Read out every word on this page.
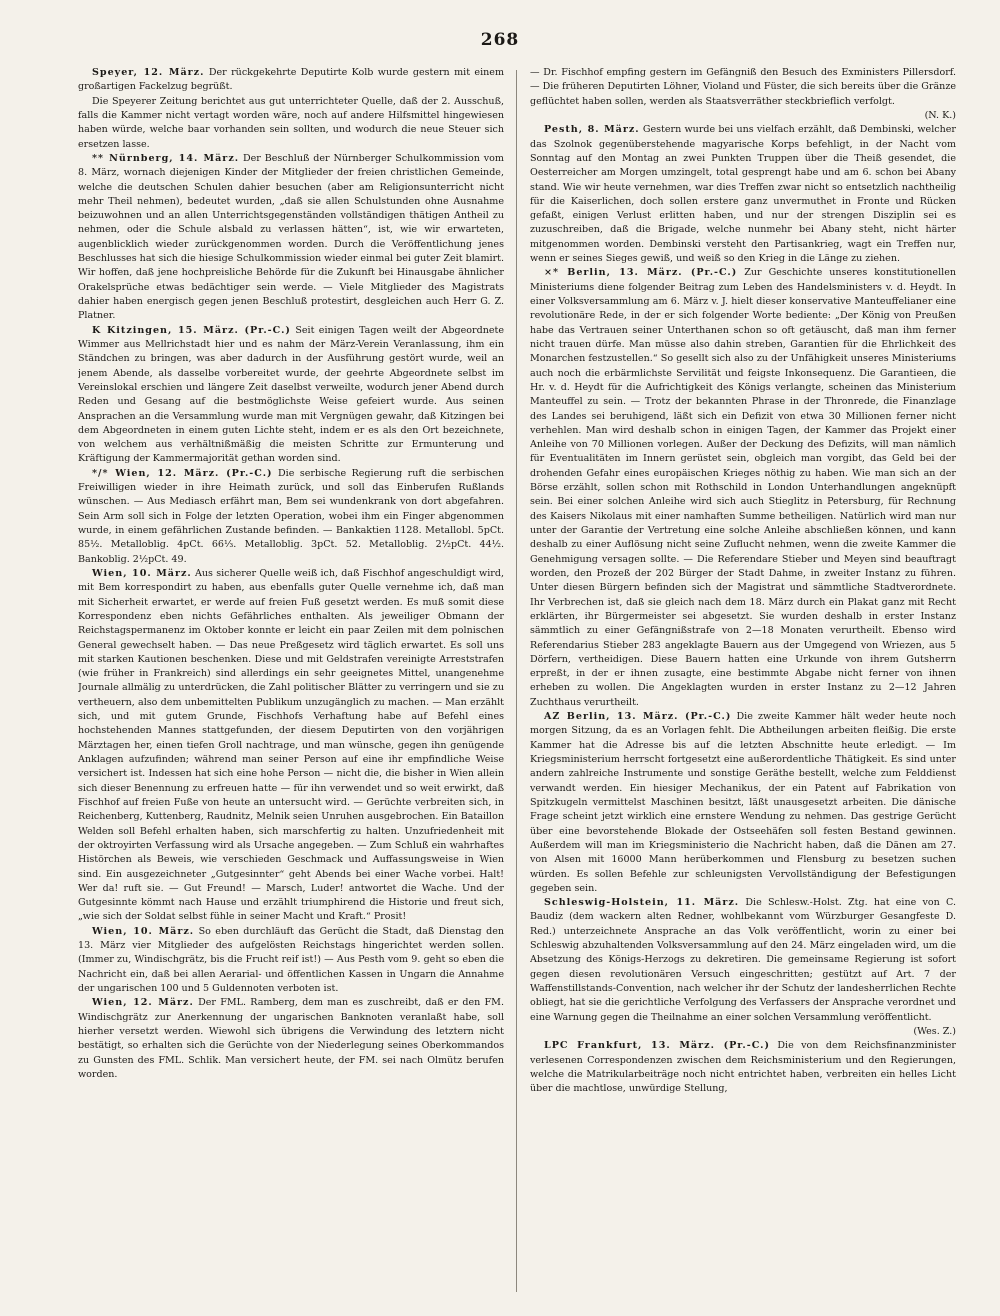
268

Speyer, 12. März. Der rückgekehrte Deputirte Kolb wurde gestern mit einem großartigen Fackelzug begrüßt.

Die Speyerer Zeitung berichtet aus gut unterrichteter Quelle, daß der 2. Ausschuß, falls die Kammer nicht vertagt worden wäre, noch auf andere Hilfsmittel hingewiesen haben würde, welche baar vorhanden sein sollten, und wodurch die neue Steuer sich ersetzen lasse.

** Nürnberg, 14. März. Der Beschluß der Nürnberger Schulkommission vom 8. März, wornach diejenigen Kinder der Mitglieder der freien christlichen Gemeinde, welche die deutschen Schulen dahier besuchen (aber am Religionsunterricht nicht mehr Theil nehmen), bedeutet wurden, „daß sie allen Schulstunden ohne Ausnahme beizuwohnen und an allen Unterrichtsgegenständen vollständigen thätigen Antheil zu nehmen, oder die Schule alsbald zu verlassen hätten“, ist, wie wir erwarteten, augenblicklich wieder zurückgenommen worden. Durch die Veröffentlichung jenes Beschlusses hat sich die hiesige Schulkommission wieder einmal bei guter Zeit blamirt. Wir hoffen, daß jene hochpreisliche Behörde für die Zukunft bei Hinausgabe ähnlicher Orakelsprüche etwas bedächtiger sein werde. — Viele Mitglieder des Magistrats dahier haben energisch gegen jenen Beschluß protestirt, desgleichen auch Herr G. Z. Platner.

K Kitzingen, 15. März. (Pr.-C.) Seit einigen Tagen weilt der Abgeordnete Wimmer aus Mellrichstadt hier und es nahm der März-Verein Veranlassung, ihm ein Ständchen zu bringen, was aber dadurch in der Ausführung gestört wurde, weil an jenem Abende, als dasselbe vorbereitet wurde, der geehrte Abgeordnete selbst im Vereinslokal erschien und längere Zeit daselbst verweilte, wodurch jener Abend durch Reden und Gesang auf die bestmöglichste Weise gefeiert wurde. Aus seinen Ansprachen an die Versammlung wurde man mit Vergnügen gewahr, daß Kitzingen bei dem Abgeordneten in einem guten Lichte steht, indem er es als den Ort bezeichnete, von welchem aus verhältnißmäßig die meisten Schritte zur Ermunterung und Kräftigung der Kammermajorität gethan worden sind.

*/* Wien, 12. März. (Pr.-C.) Die serbische Regierung ruft die serbischen Freiwilligen wieder in ihre Heimath zurück, und soll das Einberufen Rußlands wünschen. — Aus Mediasch erfährt man, Bem sei wundenkrank von dort abgefahren. Sein Arm soll sich in Folge der letzten Operation, wobei ihm ein Finger abgenommen wurde, in einem gefährlichen Zustande befinden. — Bankaktien 1128. Metallobl. 5pCt. 85½. Metalloblig. 4pCt. 66⅓. Metalloblig. 3pCt. 52. Metalloblig. 2½pCt. 44½. Bankoblig. 2½pCt. 49.

Wien, 10. März. Aus sicherer Quelle weiß ich, daß Fischhof angeschuldigt wird, mit Bem korrespondirt zu haben, aus ebenfalls guter Quelle vernehme ich, daß man mit Sicherheit erwartet, er werde auf freien Fuß gesetzt werden. Es muß somit diese Korrespondenz eben nichts Gefährliches enthalten. Als jeweiliger Obmann der Reichstagspermanenz im Oktober konnte er leicht ein paar Zeilen mit dem polnischen General gewechselt haben. — Das neue Preßgesetz wird täglich erwartet. Es soll uns mit starken Kautionen beschenken. Diese und mit Geldstrafen vereinigte Arreststrafen (wie früher in Frankreich) sind allerdings ein sehr geeignetes Mittel, unangenehme Journale allmälig zu unterdrücken, die Zahl politischer Blätter zu verringern und sie zu vertheuern, also dem unbemittelten Publikum unzugänglich zu machen. — Man erzählt sich, und mit gutem Grunde, Fischhofs Verhaftung habe auf Befehl eines hochstehenden Mannes stattgefunden, der diesem Deputirten von den vorjährigen Märztagen her, einen tiefen Groll nachtrage, und man wünsche, gegen ihn genügende Anklagen aufzufinden; während man seiner Person auf eine ihr empfindliche Weise versichert ist. Indessen hat sich eine hohe Person — nicht die, die bisher in Wien allein sich dieser Benennung zu erfreuen hatte — für ihn verwendet und so weit erwirkt, daß Fischhof auf freien Fuße von heute an untersucht wird. — Gerüchte verbreiten sich, in Reichenberg, Kuttenberg, Raudnitz, Melnik seien Unruhen ausgebrochen. Ein Bataillon Welden soll Befehl erhalten haben, sich marschfertig zu halten. Unzufriedenheit mit der oktroyirten Verfassung wird als Ursache angegeben. — Zum Schluß ein wahrhaftes Histörchen als Beweis, wie verschieden Geschmack und Auffassungsweise in Wien sind. Ein ausgezeichneter „Gutgesinnter“ geht Abends bei einer Wache vorbei. Halt! Wer da! ruft sie. — Gut Freund! — Marsch, Luder! antwortet die Wache. Und der Gutgesinnte kömmt nach Hause und erzählt triumphirend die Historie und freut sich, „wie sich der Soldat selbst fühle in seiner Macht und Kraft.“ Prosit!

Wien, 10. März. So eben durchläuft das Gerücht die Stadt, daß Dienstag den 13. März vier Mitglieder des aufgelösten Reichstags hingerichtet werden sollen. (Immer zu, Windischgrätz, bis die Frucht reif ist!) — Aus Pesth vom 9. geht so eben die Nachricht ein, daß bei allen Aerarial- und öffentlichen Kassen in Ungarn die Annahme der ungarischen 100 und 5 Guldennoten verboten ist.

Wien, 12. März. Der FML. Ramberg, dem man es zuschreibt, daß er den FM. Windischgrätz zur Anerkennung der ungarischen Banknoten veranlaßt habe, soll hierher versetzt werden. Wiewohl sich übrigens die Verwindung des letztern nicht bestätigt, so erhalten sich die Gerüchte von der Niederlegung seines Oberkommandos zu Gunsten des FML. Schlik. Man versichert heute, der FM. sei nach Olmütz berufen worden.

— Dr. Fischhof empfing gestern im Gefängniß den Besuch des Exministers Pillersdorf. — Die früheren Deputirten Löhner, Violand und Füster, die sich bereits über die Gränze geflüchtet haben sollen, werden als Staatsverräther steckbrieflich verfolgt.

(N. K.)

Pesth, 8. März. Gestern wurde bei uns vielfach erzählt, daß Dembinski, welcher das Szolnok gegenüberstehende magyarische Korps befehligt, in der Nacht vom Sonntag auf den Montag an zwei Punkten Truppen über die Theiß gesendet, die Oesterreicher am Morgen umzingelt, total gesprengt habe und am 6. schon bei Abany stand. Wie wir heute vernehmen, war dies Treffen zwar nicht so entsetzlich nachtheilig für die Kaiserlichen, doch sollen erstere ganz unvermuthet in Fronte und Rücken gefaßt, einigen Verlust erlitten haben, und nur der strengen Disziplin sei es zuzuschreiben, daß die Brigade, welche nunmehr bei Abany steht, nicht härter mitgenommen worden. Dembinski versteht den Partisankrieg, wagt ein Treffen nur, wenn er seines Sieges gewiß, und weiß so den Krieg in die Länge zu ziehen.

×* Berlin, 13. März. (Pr.-C.) Zur Geschichte unseres konstitutionellen Ministeriums diene folgender Beitrag zum Leben des Handelsministers v. d. Heydt. In einer Volksversammlung am 6. März v. J. hielt dieser konservative Manteuffelianer eine revolutionäre Rede, in der er sich folgender Worte bediente: „Der König von Preußen habe das Vertrauen seiner Unterthanen schon so oft getäuscht, daß man ihm ferner nicht trauen dürfe. Man müsse also dahin streben, Garantien für die Ehrlichkeit des Monarchen festzustellen.“ So gesellt sich also zu der Unfähigkeit unseres Ministeriums auch noch die erbärmlichste Servilität und feigste Inkonsequenz. Die Garantieen, die Hr. v. d. Heydt für die Aufrichtigkeit des Königs verlangte, scheinen das Ministerium Manteuffel zu sein. — Trotz der bekannten Phrase in der Thronrede, die Finanzlage des Landes sei beruhigend, läßt sich ein Defizit von etwa 30 Millionen ferner nicht verhehlen. Man wird deshalb schon in einigen Tagen, der Kammer das Projekt einer Anleihe von 70 Millionen vorlegen. Außer der Deckung des Defizits, will man nämlich für Eventualitäten im Innern gerüstet sein, obgleich man vorgibt, das Geld bei der drohenden Gefahr eines europäischen Krieges nöthig zu haben. Wie man sich an der Börse erzählt, sollen schon mit Rothschild in London Unterhandlungen angeknüpft sein. Bei einer solchen Anleihe wird sich auch Stieglitz in Petersburg, für Rechnung des Kaisers Nikolaus mit einer namhaften Summe betheiligen. Natürlich wird man nur unter der Garantie der Vertretung eine solche Anleihe abschließen können, und kann deshalb zu einer Auflösung nicht seine Zuflucht nehmen, wenn die zweite Kammer die Genehmigung versagen sollte. — Die Referendare Stieber und Meyen sind beauftragt worden, den Prozeß der 202 Bürger der Stadt Dahme, in zweiter Instanz zu führen. Unter diesen Bürgern befinden sich der Magistrat und sämmtliche Stadtverordnete. Ihr Verbrechen ist, daß sie gleich nach dem 18. März durch ein Plakat ganz mit Recht erklärten, ihr Bürgermeister sei abgesetzt. Sie wurden deshalb in erster Instanz sämmtlich zu einer Gefängnißstrafe von 2—18 Monaten verurtheilt. Ebenso wird Referendarius Stieber 283 angeklagte Bauern aus der Umgegend von Wriezen, aus 5 Dörfern, vertheidigen. Diese Bauern hatten eine Urkunde von ihrem Gutsherrn erpreßt, in der er ihnen zusagte, eine bestimmte Abgabe nicht ferner von ihnen erheben zu wollen. Die Angeklagten wurden in erster Instanz zu 2—12 Jahren Zuchthaus verurtheilt.

AZ Berlin, 13. März. (Pr.-C.) Die zweite Kammer hält weder heute noch morgen Sitzung, da es an Vorlagen fehlt. Die Abtheilungen arbeiten fleißig. Die erste Kammer hat die Adresse bis auf die letzten Abschnitte heute erledigt. — Im Kriegsministerium herrscht fortgesetzt eine außerordentliche Thätigkeit. Es sind unter andern zahlreiche Instrumente und sonstige Geräthe bestellt, welche zum Felddienst verwandt werden. Ein hiesiger Mechanikus, der ein Patent auf Fabrikation von Spitzkugeln vermittelst Maschinen besitzt, läßt unausgesetzt arbeiten. Die dänische Frage scheint jetzt wirklich eine ernstere Wendung zu nehmen. Das gestrige Gerücht über eine bevorstehende Blokade der Ostseehäfen soll festen Bestand gewinnen. Außerdem will man im Kriegsministerio die Nachricht haben, daß die Dänen am 27. von Alsen mit 16000 Mann herüberkommen und Flensburg zu besetzen suchen würden. Es sollen Befehle zur schleunigsten Vervollständigung der Befestigungen gegeben sein.

Schleswig-Holstein, 11. März. Die Schlesw.-Holst. Ztg. hat eine von C. Baudiz (dem wackern alten Redner, wohlbekannt vom Würzburger Gesangfeste D. Red.) unterzeichnete Ansprache an das Volk veröffentlicht, worin zu einer bei Schleswig abzuhaltenden Volksversammlung auf den 24. März eingeladen wird, um die Absetzung des Königs-Herzogs zu dekretiren. Die gemeinsame Regierung ist sofort gegen diesen revolutionären Versuch eingeschritten; gestützt auf Art. 7 der Waffenstillstands-Convention, nach welcher ihr der Schutz der landesherrlichen Rechte obliegt, hat sie die gerichtliche Verfolgung des Verfassers der Ansprache verordnet und eine Warnung gegen die Theilnahme an einer solchen Versammlung veröffentlicht.

(Wes. Z.)

LPC Frankfurt, 13. März. (Pr.-C.) Die von dem Reichsfinanzminister verlesenen Correspondenzen zwischen dem Reichsministerium und den Regierungen, welche die Matrikularbeiträge noch nicht entrichtet haben, verbreiten ein helles Licht über die machtlose, unwürdige Stellung,
